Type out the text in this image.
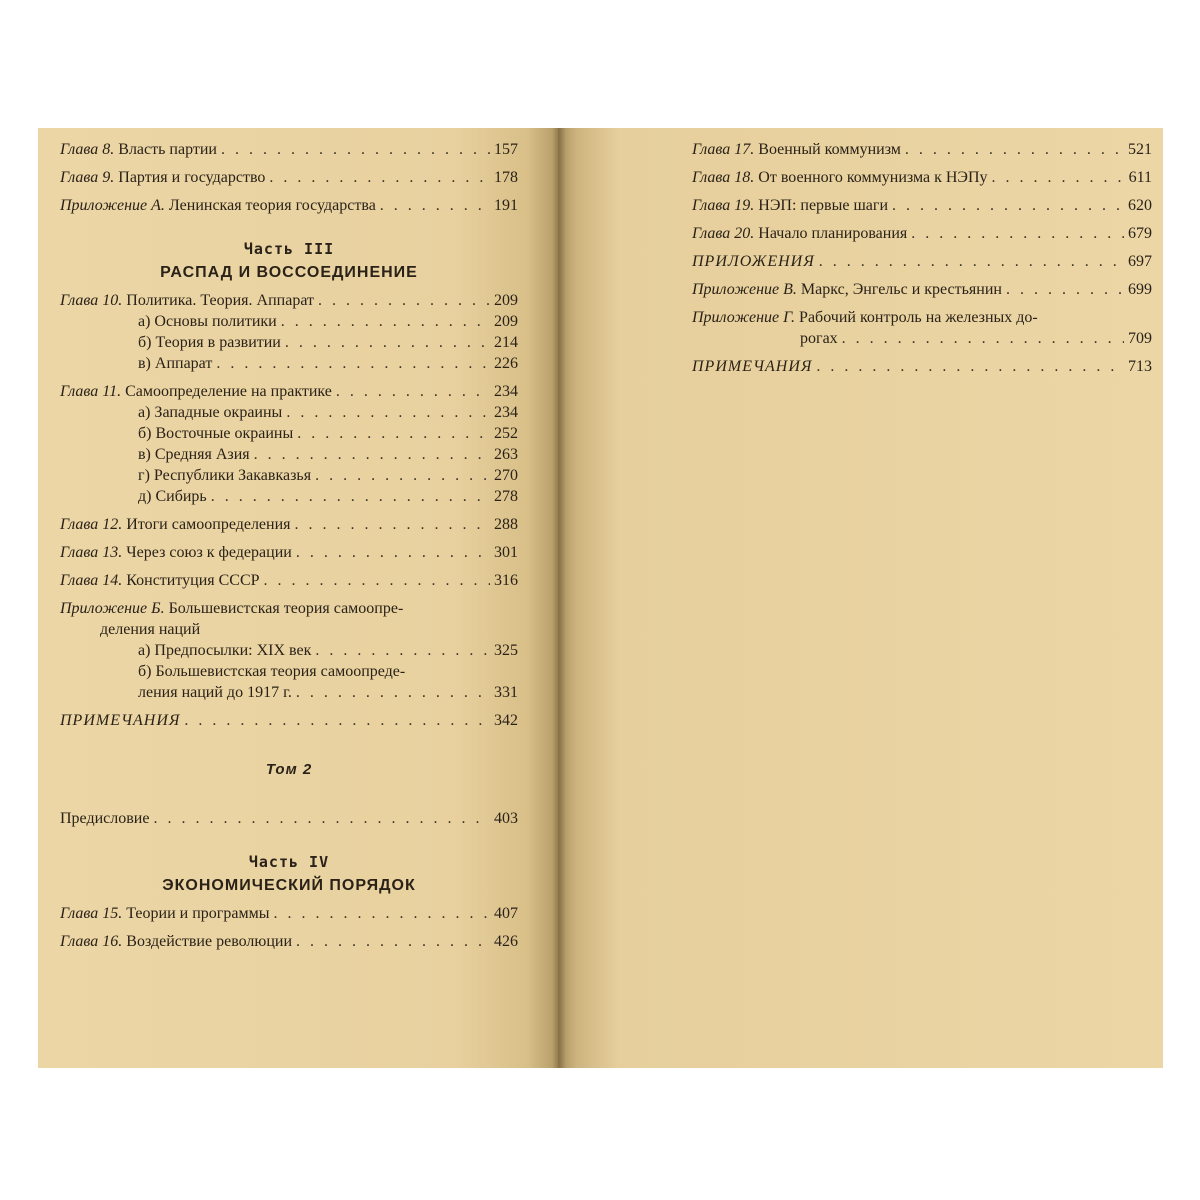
Глава 8. Власть партии . . .	157
Глава 9. Партия и государство . . .	178
Приложение А. Ленинская теория государства . . .	191
Часть III
РАСПАД И ВОССОЕДИНЕНИЕ
Глава 10. Политика. Теория. Аппарат . . .	209
а) Основы политики . . .	209
б) Теория в развитии . . .	214
в) Аппарат . . .	226
Глава 11. Самоопределение на практике . . .	234
а) Западные окраины . . .	234
б) Восточные окраины . . .	252
в) Средняя Азия . . .	263
г) Республики Закавказья . . .	270
д) Сибирь . . .	278
Глава 12. Итоги самоопределения . . .	288
Глава 13. Через союз к федерации . . .	301
Глава 14. Конституция СССР . . .	316
Приложение Б. Большевистская теория самоопре-
деления наций
а) Предпосылки: XIX век . . .	325
б) Большевистская теория самоопреде-
ления наций до 1917 г. . . .	331
ПРИМЕЧАНИЯ . . .	342
Том 2
Предисловие . . .	403
Часть IV
ЭКОНОМИЧЕСКИЙ ПОРЯДОК
Глава 15. Теории и программы . . .	407
Глава 16. Воздействие революции . . .	426
Глава 17. Военный коммунизм . . .	521
Глава 18. От военного коммунизма к НЭПу . . .	611
Глава 19. НЭП: первые шаги . . .	620
Глава 20. Начало планирования . . .	679
ПРИЛОЖЕНИЯ . . .	697
Приложение В. Маркс, Энгельс и крестьянин . . .	699
Приложение Г. Рабочий контроль на железных до-
рогах . . .	709
ПРИМЕЧАНИЯ . . .	713
